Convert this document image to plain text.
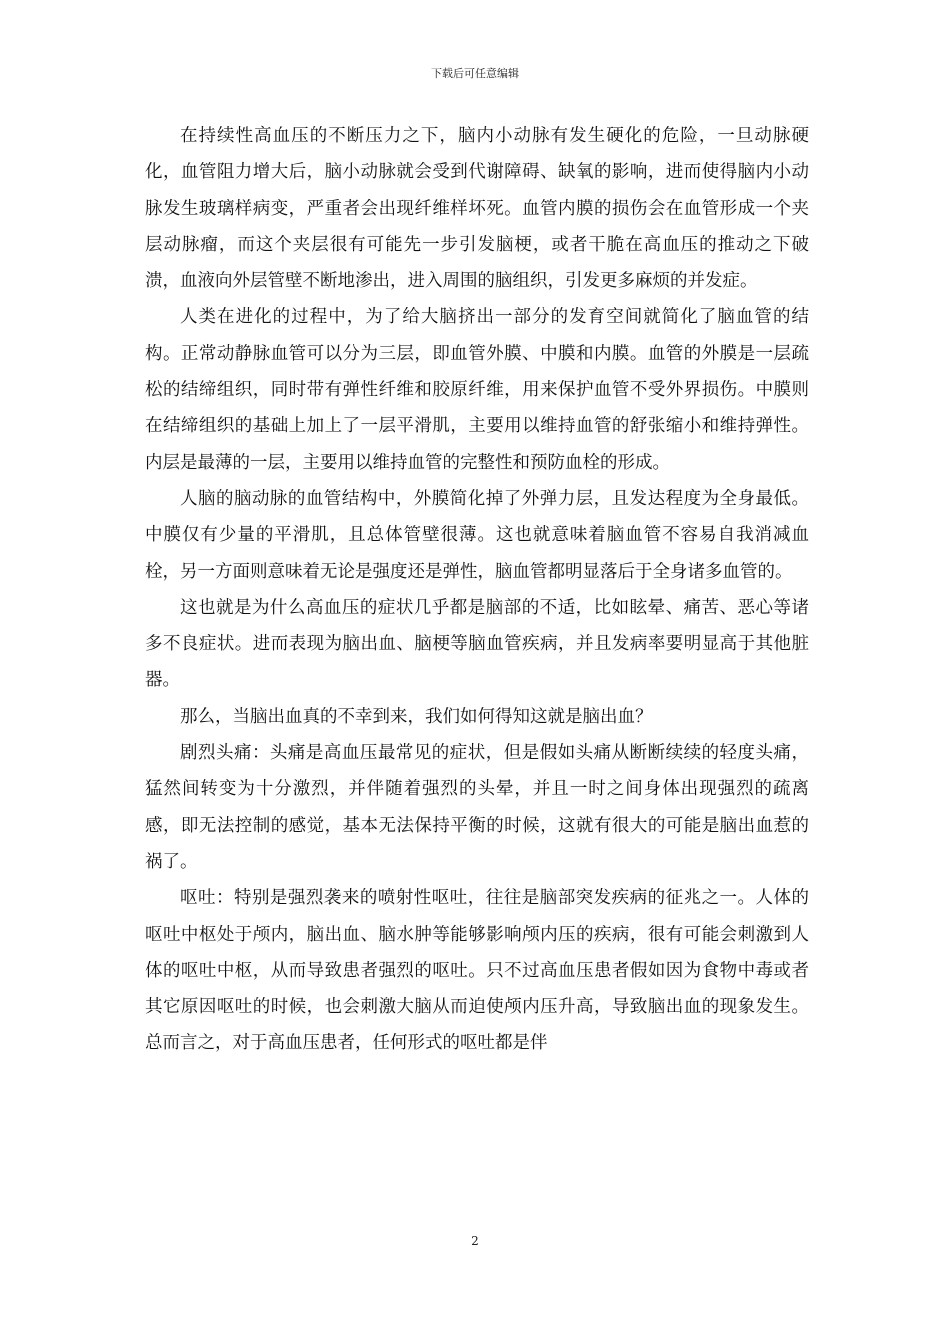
下载后可任意编辑

在持续性高血压的不断压力之下，脑内小动脉有发生硬化的危险，一旦动脉硬化，血管阻力增大后，脑小动脉就会受到代谢障碍、缺氧的影响，进而使得脑内小动脉发生玻璃样病变，严重者会出现纤维样坏死。血管内膜的损伤会在血管形成一个夹层动脉瘤，而这个夹层很有可能先一步引发脑梗，或者干脆在高血压的推动之下破溃，血液向外层管壁不断地渗出，进入周围的脑组织，引发更多麻烦的并发症。

人类在进化的过程中，为了给大脑挤出一部分的发育空间就简化了脑血管的结构。正常动静脉血管可以分为三层，即血管外膜、中膜和内膜。血管的外膜是一层疏松的结缔组织，同时带有弹性纤维和胶原纤维，用来保护血管不受外界损伤。中膜则在结缔组织的基础上加上了一层平滑肌，主要用以维持血管的舒张缩小和维持弹性。内层是最薄的一层，主要用以维持血管的完整性和预防血栓的形成。

人脑的脑动脉的血管结构中，外膜简化掉了外弹力层，且发达程度为全身最低。中膜仅有少量的平滑肌，且总体管壁很薄。这也就意味着脑血管不容易自我消减血栓，另一方面则意味着无论是强度还是弹性，脑血管都明显落后于全身诸多血管的。

这也就是为什么高血压的症状几乎都是脑部的不适，比如眩晕、痛苦、恶心等诸多不良症状。进而表现为脑出血、脑梗等脑血管疾病，并且发病率要明显高于其他脏器。

那么，当脑出血真的不幸到来，我们如何得知这就是脑出血？

剧烈头痛：头痛是高血压最常见的症状，但是假如头痛从断断续续的轻度头痛，猛然间转变为十分激烈，并伴随着强烈的头晕，并且一时之间身体出现强烈的疏离感，即无法控制的感觉，基本无法保持平衡的时候，这就有很大的可能是脑出血惹的祸了。

呕吐：特别是强烈袭来的喷射性呕吐，往往是脑部突发疾病的征兆之一。人体的呕吐中枢处于颅内，脑出血、脑水肿等能够影响颅内压的疾病，很有可能会刺激到人体的呕吐中枢，从而导致患者强烈的呕吐。只不过高血压患者假如因为食物中毒或者其它原因呕吐的时候，也会刺激大脑从而迫使颅内压升高，导致脑出血的现象发生。总而言之，对于高血压患者，任何形式的呕吐都是伴

2
